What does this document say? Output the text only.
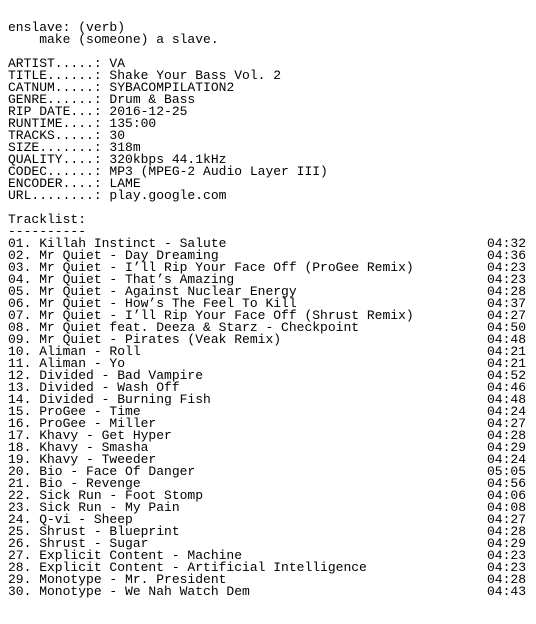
enslave: (verb)
make (someone) a slave.
ARTIST.....: VA
TITLE......: Shake Your Bass Vol. 2
CATNUM.....: SYBACOMPILATION2
GENRE......: Drum & Bass
RIP DATE...: 2016-12-25
RUNTIME....: 135:00
TRACKS.....: 30
SIZE.......: 318m
QUALITY....: 320kbps 44.1kHz
CODEC......: MP3 (MPEG-2 Audio Layer III)
ENCODER....: LAME
URL........: play.google.com
Tracklist:
----------
01. Killah Instinct - Salute	04:32
02. Mr Quiet - Day Dreaming	04:36
03. Mr Quiet - I’ll Rip Your Face Off (ProGee Remix)	04:23
04. Mr Quiet - That’s Amazing	04:23
05. Mr Quiet - Against Nuclear Energy	04:28
06. Mr Quiet - How’s The Feel To Kill	04:37
07. Mr Quiet - I’ll Rip Your Face Off (Shrust Remix)	04:27
08. Mr Quiet feat. Deeza & Starz - Checkpoint	04:50
09. Mr Quiet - Pirates (Veak Remix)	04:48
10. Aliman - Roll	04:21
11. Aliman - Yo	04:21
12. Divided - Bad Vampire	04:52
13. Divided - Wash Off	04:46
14. Divided - Burning Fish	04:48
15. ProGee - Time	04:24
16. ProGee - Miller	04:27
17. Khavy - Get Hyper	04:28
18. Khavy - Smasha	04:29
19. Khavy - Tweeder	04:24
20. Bio - Face Of Danger	05:05
21. Bio - Revenge	04:56
22. Sick Run - Foot Stomp	04:06
23. Sick Run - My Pain	04:08
24. Q-vi - Sheep	04:27
25. Shrust - Blueprint	04:28
26. Shrust - Sugar	04:29
27. Explicit Content - Machine	04:23
28. Explicit Content - Artificial Intelligence	04:23
29. Monotype - Mr. President	04:28
30. Monotype - We Nah Watch Dem	04:43
